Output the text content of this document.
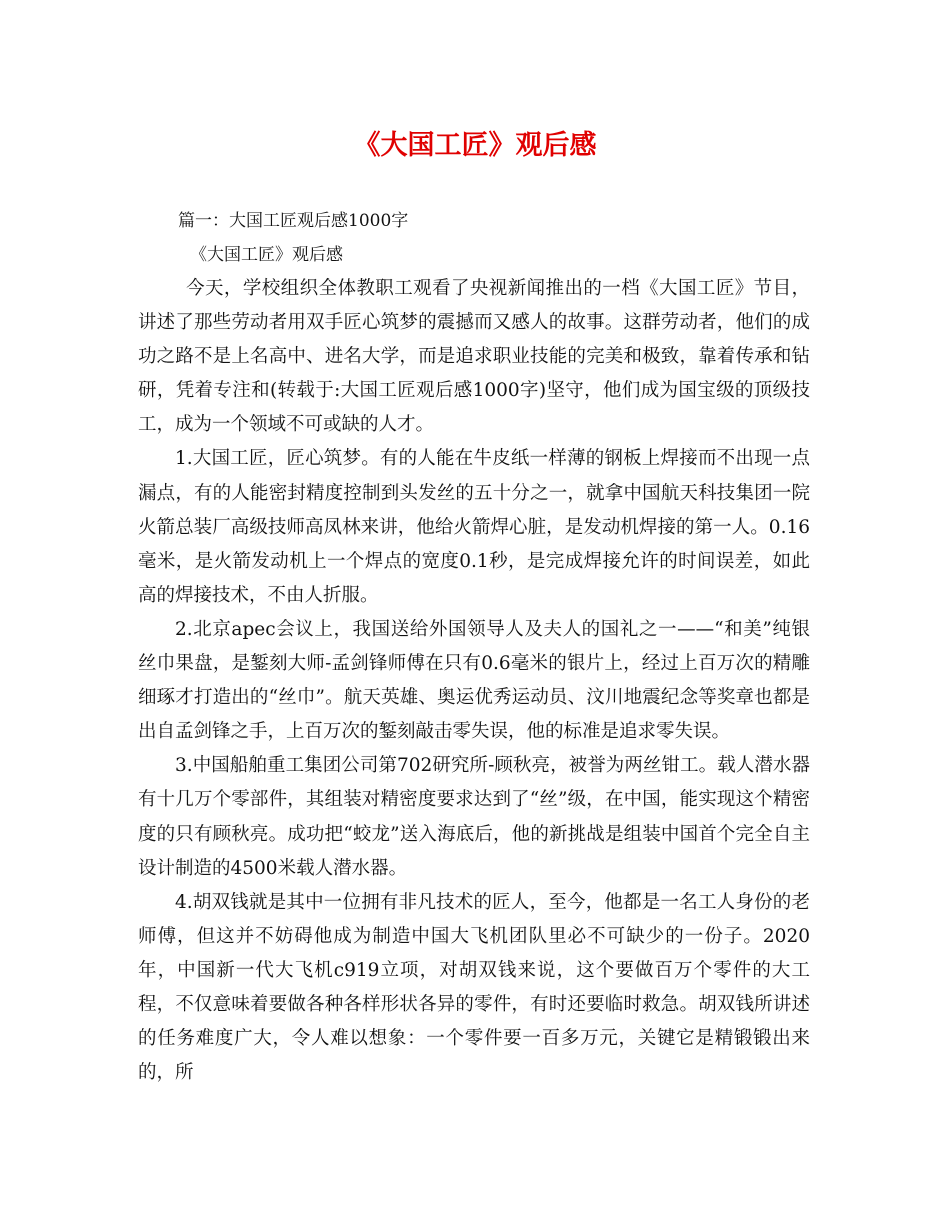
《大国工匠》观后感
篇一：大国工匠观后感1000字
《大国工匠》观后感

今天，学校组织全体教职工观看了央视新闻推出的一档《大国工匠》节目，讲述了那些劳动者用双手匠心筑梦的震撼而又感人的故事。这群劳动者，他们的成功之路不是上名高中、进名大学，而是追求职业技能的完美和极致，靠着传承和钻研，凭着专注和(转载于:大国工匠观后感1000字)坚守，他们成为国宝级的顶级技工，成为一个领域不可或缺的人才。

1.大国工匠，匠心筑梦。有的人能在牛皮纸一样薄的钢板上焊接而不出现一点漏点，有的人能密封精度控制到头发丝的五十分之一，就拿中国航天科技集团一院火箭总装厂高级技师高凤林来讲，他给火箭焊心脏，是发动机焊接的第一人。0.16毫米，是火箭发动机上一个焊点的宽度0.1秒，是完成焊接允许的时间误差，如此高的焊接技术，不由人折服。

2.北京apec会议上，我国送给外国领导人及夫人的国礼之一——“和美”纯银丝巾果盘，是錾刻大师-孟剑锋师傅在只有0.6毫米的银片上，经过上百万次的精雕细琢才打造出的“丝巾”。航天英雄、奥运优秀运动员、汶川地震纪念等奖章也都是出自孟剑锋之手，上百万次的錾刻敲击零失误，他的标准是追求零失误。

3.中国船舶重工集团公司第702研究所-顾秋亮，被誉为两丝钳工。载人潜水器有十几万个零部件，其组装对精密度要求达到了“丝”级，在中国，能实现这个精密度的只有顾秋亮。成功把“蛟龙”送入海底后，他的新挑战是组装中国首个完全自主设计制造的4500米载人潜水器。

4.胡双钱就是其中一位拥有非凡技术的匠人，至今，他都是一名工人身份的老师傅，但这并不妨碍他成为制造中国大飞机团队里必不可缺少的一份子。2020年，中国新一代大飞机c919立项，对胡双钱来说，这个要做百万个零件的大工程，不仅意味着要做各种各样形状各异的零件，有时还要临时救急。胡双钱所讲述的任务难度广大，令人难以想象：一个零件要一百多万元，关键它是精锻锻出来的，所
